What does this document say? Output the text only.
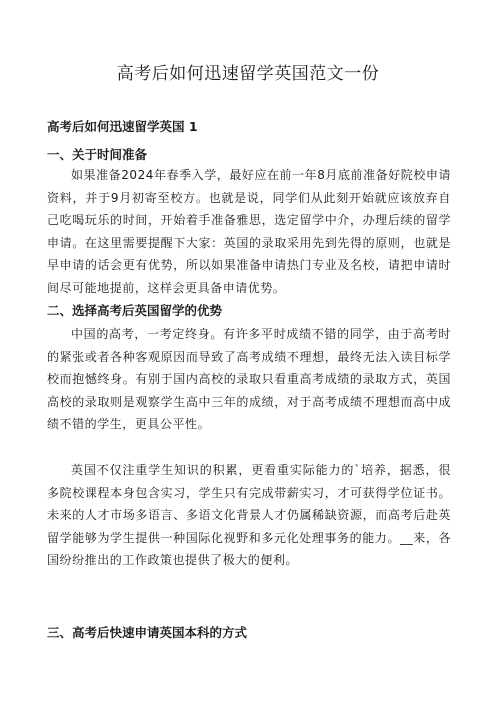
高考后如何迅速留学英国范文一份
高考后如何迅速留学英国 1
一、关于时间准备

如果准备2024年春季入学，最好应在前一年8月底前准备好院校申请资料，并于9月初寄至校方。也就是说，同学们从此刻开始就应该放弃自己吃喝玩乐的时间，开始着手准备雅思，选定留学中介，办理后续的留学申请。在这里需要提醒下大家：英国的录取采用先到先得的原则，也就是早申请的话会更有优势，所以如果准备申请热门专业及名校，请把申请时间尽可能地提前，这样会更具备申请优势。

二、选择高考后英国留学的优势

中国的高考，一考定终身。有许多平时成绩不错的同学，由于高考时的紧张或者各种客观原因而导致了高考成绩不理想，最终无法入读目标学校而抱憾终身。有别于国内高校的录取只看重高考成绩的录取方式，英国高校的录取则是观察学生高中三年的成绩，对于高考成绩不理想而高中成绩不错的学生，更具公平性。

英国不仅注重学生知识的积累，更看重实际能力的`培养，据悉，很多院校课程本身包含实习，学生只有完成带薪实习，才可获得学位证书。未来的人才市场多语言、多语文化背景人才仍属稀缺资源，而高考后赴英留学能够为学生提供一种国际化视野和多元化处理事务的能力。__来，各国纷纷推出的工作政策也提供了极大的便利。

三、高考后快速申请英国本科的方式
